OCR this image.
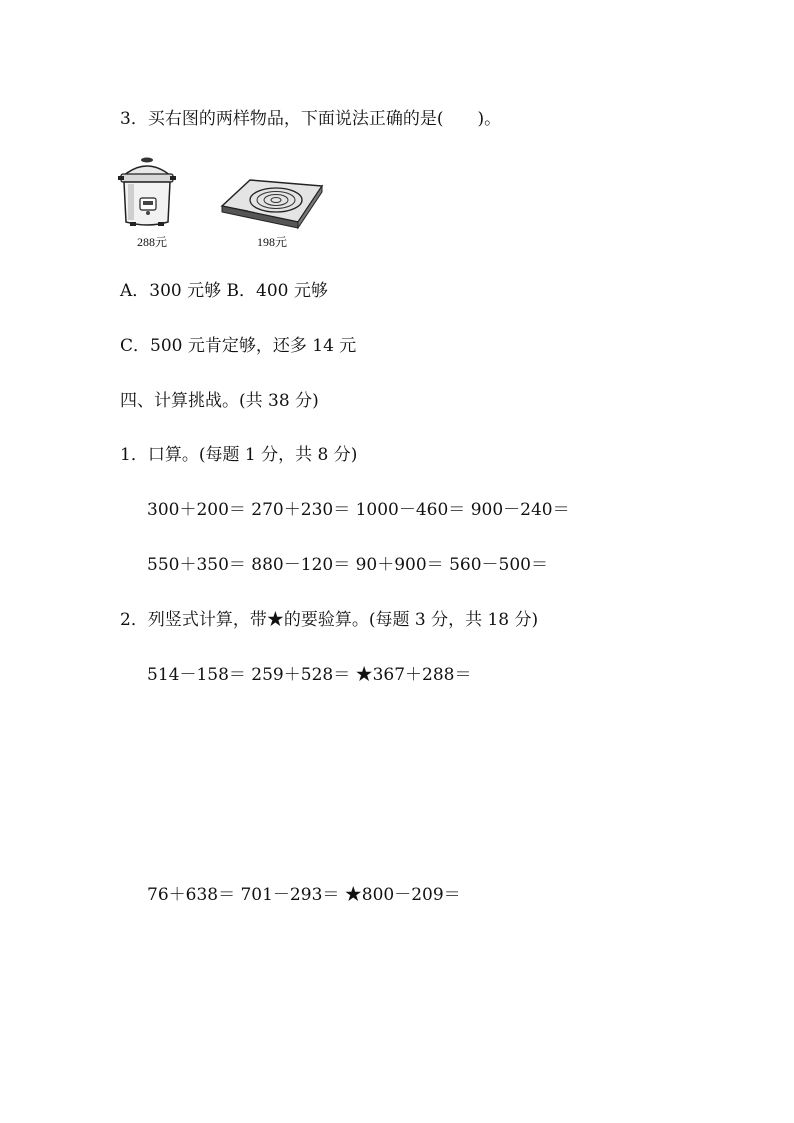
3．买右图的两样物品，下面说法正确的是(　　)。
288元	198元
A．300 元够 B．400 元够
C．500 元肯定够，还多 14 元
四、计算挑战。(共 38 分)
1．口算。(每题 1 分，共 8 分)
300＋200＝ 270＋230＝ 1000－460＝ 900－240＝
550＋350＝ 880－120＝ 90＋900＝ 560－500＝
2．列竖式计算，带★的要验算。(每题 3 分，共 18 分)
514－158＝ 259＋528＝ ★367＋288＝
76＋638＝ 701－293＝ ★800－209＝
